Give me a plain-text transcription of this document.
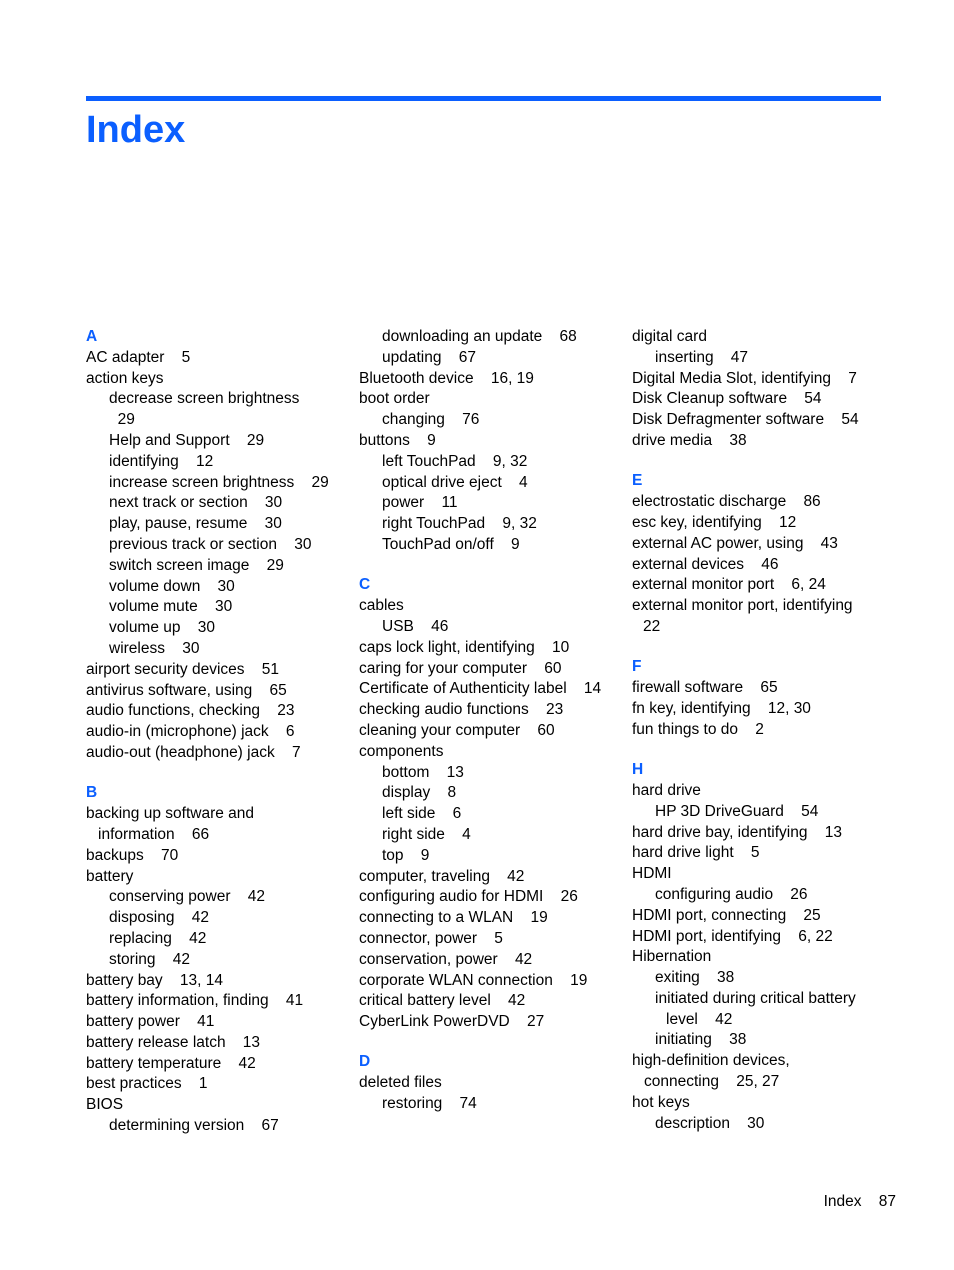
Index
A
AC adapter    5
action keys
decrease screen brightness
29
Help and Support    29
identifying    12
increase screen brightness    29
next track or section    30
play, pause, resume    30
previous track or section    30
switch screen image    29
volume down    30
volume mute    30
volume up    30
wireless    30
airport security devices    51
antivirus software, using    65
audio functions, checking    23
audio-in (microphone) jack    6
audio-out (headphone) jack    7
B
backing up software and
information    66
backups    70
battery
conserving power    42
disposing    42
replacing    42
storing    42
battery bay    13, 14
battery information, finding    41
battery power    41
battery release latch    13
battery temperature    42
best practices    1
BIOS
determining version    67
downloading an update    68
updating    67
Bluetooth device    16, 19
boot order
changing    76
buttons    9
left TouchPad    9, 32
optical drive eject    4
power    11
right TouchPad    9, 32
TouchPad on/off    9
C
cables
USB    46
caps lock light, identifying    10
caring for your computer    60
Certificate of Authenticity label    14
checking audio functions    23
cleaning your computer    60
components
bottom    13
display    8
left side    6
right side    4
top    9
computer, traveling    42
configuring audio for HDMI    26
connecting to a WLAN    19
connector, power    5
conservation, power    42
corporate WLAN connection    19
critical battery level    42
CyberLink PowerDVD    27
D
deleted files
restoring    74
digital card
inserting    47
Digital Media Slot, identifying    7
Disk Cleanup software    54
Disk Defragmenter software    54
drive media    38
E
electrostatic discharge    86
esc key, identifying    12
external AC power, using    43
external devices    46
external monitor port    6, 24
external monitor port, identifying
22
F
firewall software    65
fn key, identifying    12, 30
fun things to do    2
H
hard drive
HP 3D DriveGuard    54
hard drive bay, identifying    13
hard drive light    5
HDMI
configuring audio    26
HDMI port, connecting    25
HDMI port, identifying    6, 22
Hibernation
exiting    38
initiated during critical battery
level    42
initiating    38
high-definition devices,
connecting    25, 27
hot keys
description    30
Index 87
